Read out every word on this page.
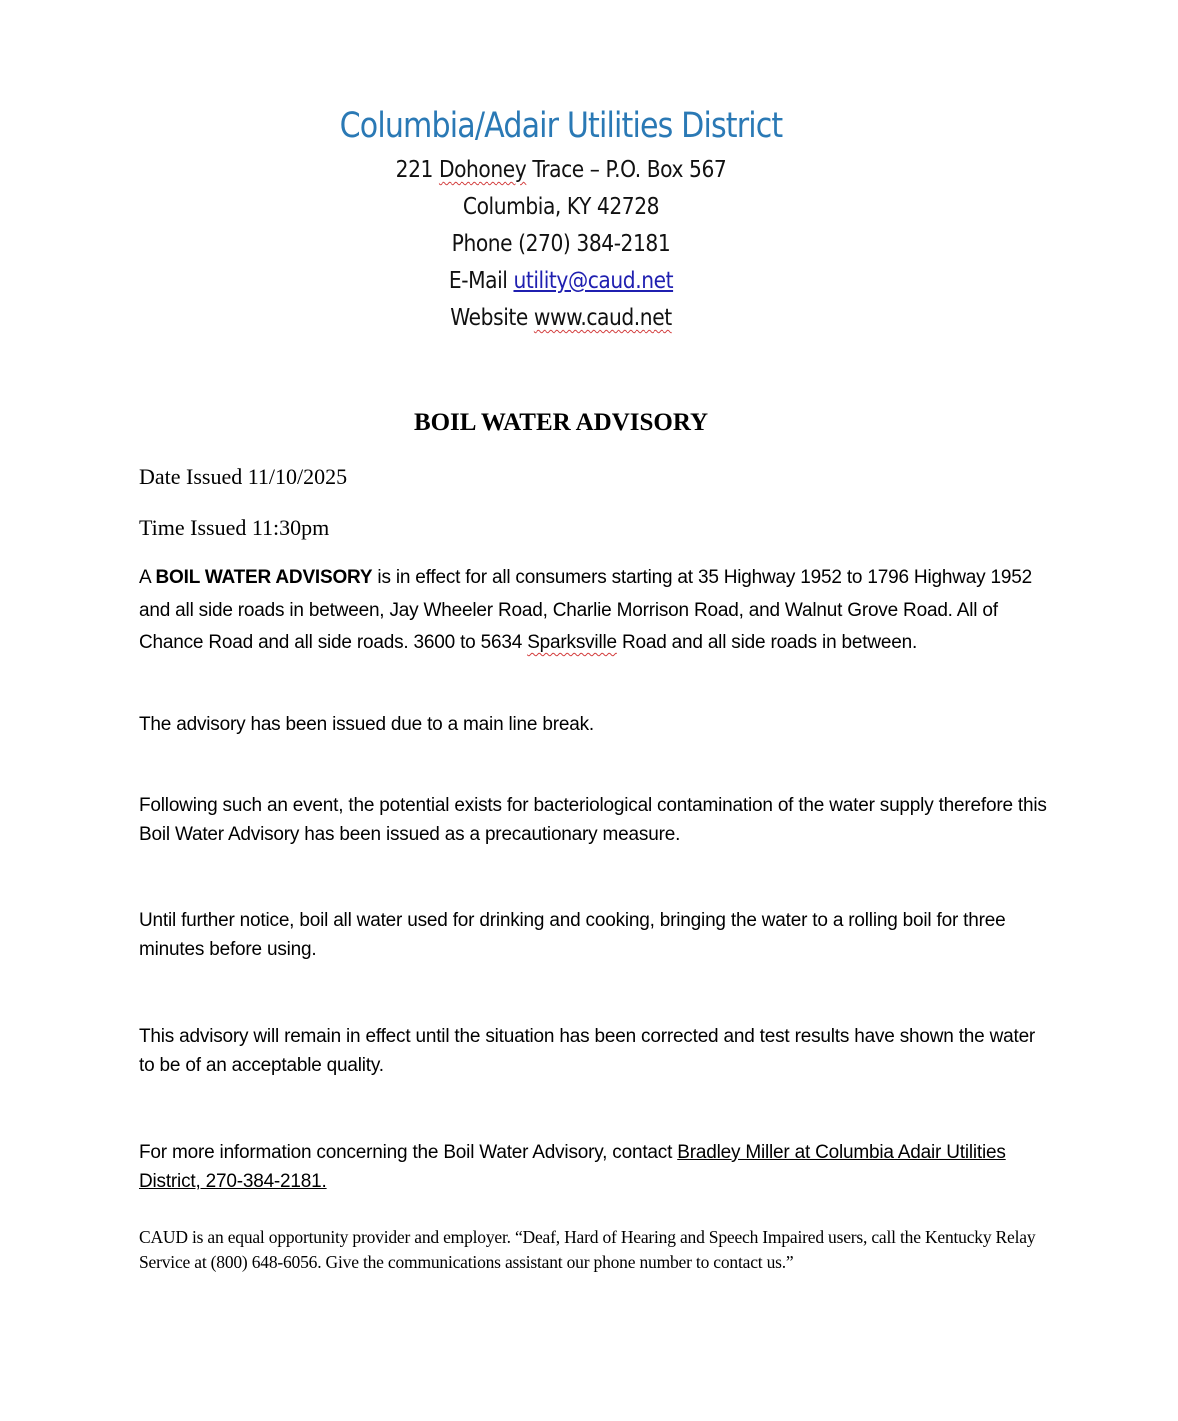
Columbia/Adair Utilities District
221 Dohoney Trace – P.O. Box 567
Columbia, KY 42728
Phone (270) 384-2181
E-Mail utility@caud.net
Website www.caud.net
BOIL WATER ADVISORY
Date Issued 11/10/2025
Time Issued 11:30pm
A BOIL WATER ADVISORY is in effect for all consumers starting at 35 Highway 1952 to 1796 Highway 1952 and all side roads in between, Jay Wheeler Road, Charlie Morrison Road, and Walnut Grove Road. All of Chance Road and all side roads. 3600 to 5634 Sparksville Road and all side roads in between.
The advisory has been issued due to a main line break.
Following such an event, the potential exists for bacteriological contamination of the water supply therefore this Boil Water Advisory has been issued as a precautionary measure.
Until further notice, boil all water used for drinking and cooking, bringing the water to a rolling boil for three minutes before using.
This advisory will remain in effect until the situation has been corrected and test results have shown the water to be of an acceptable quality.
For more information concerning the Boil Water Advisory, contact Bradley Miller at Columbia Adair Utilities District, 270-384-2181.
CAUD is an equal opportunity provider and employer. “Deaf, Hard of Hearing and Speech Impaired users, call the Kentucky Relay Service at (800) 648-6056. Give the communications assistant our phone number to contact us.”
